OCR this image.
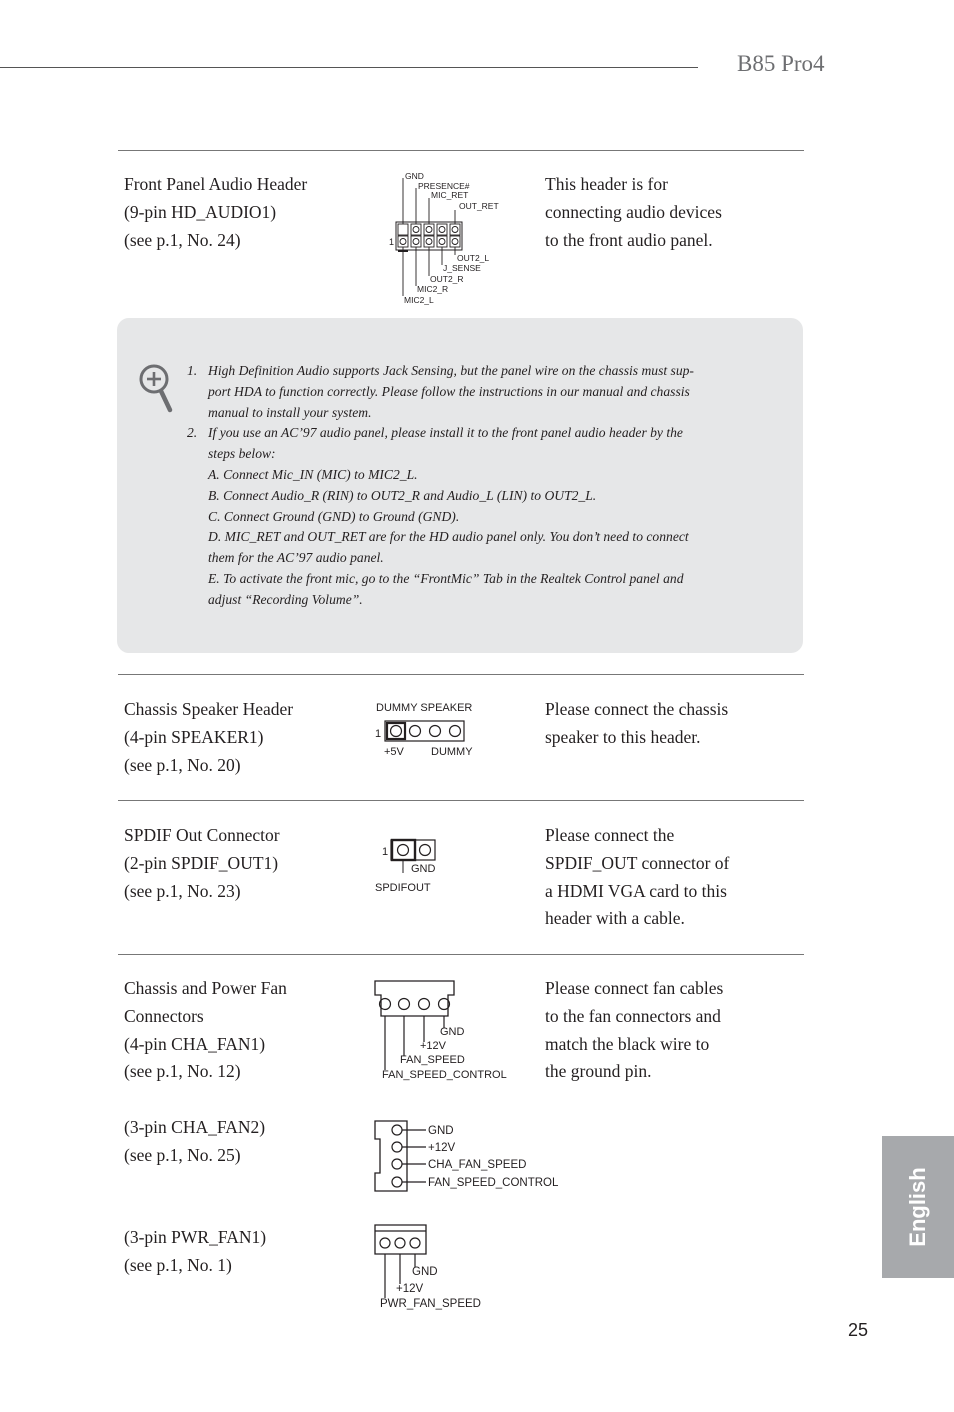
B85 Pro4
Front Panel Audio Header
(9-pin HD_AUDIO1)
(see p.1, No. 24)
This header is for
connecting audio devices
to the front audio panel.
1
GND
PRESENCE#
MIC_RET
OUT_RET
OUT2_L
J_SENSE
OUT2_R
MIC2_R
MIC2_L
1. High Definition Audio supports Jack Sensing, but the panel wire on the chassis must sup-
port HDA to function correctly. Please follow the instructions in our manual and chassis
manual to install your system.
2. If you use an AC’97 audio panel, please install it to the front panel audio header by the
steps below:
A. Connect Mic_IN (MIC) to MIC2_L.
B. Connect Audio_R (RIN) to OUT2_R and Audio_L (LIN) to OUT2_L.
C. Connect Ground (GND) to Ground (GND).
D. MIC_RET and OUT_RET are for the HD audio panel only. You don’t need to connect
them for the AC’97 audio panel.
E. To activate the front mic, go to the “FrontMic” Tab in the Realtek Control panel and
adjust “Recording Volume”.
Chassis Speaker Header
(4-pin SPEAKER1)
(see p.1, No. 20)
Please connect the chassis
speaker to this header.
DUMMY SPEAKER
1
+5V DUMMY
SPDIF Out Connector
(2-pin SPDIF_OUT1)
(see p.1, No. 23)
Please connect the
SPDIF_OUT connector of
a HDMI VGA card to this
header with a cable.
1
GND
SPDIFOUT
Chassis and Power Fan
Connectors
(4-pin CHA_FAN1)
(see p.1, No. 12)
Please connect fan cables
to the fan connectors and
match the black wire to
the ground pin.
GND
+12V
FAN_SPEED
FAN_SPEED_CONTROL
(3-pin CHA_FAN2)
(see p.1, No. 25)
GND
+12V
CHA_FAN_SPEED
FAN_SPEED_CONTROL
(3-pin PWR_FAN1)
(see p.1, No. 1)	GND
+12V
PWR_FAN_SPEED
English
25
